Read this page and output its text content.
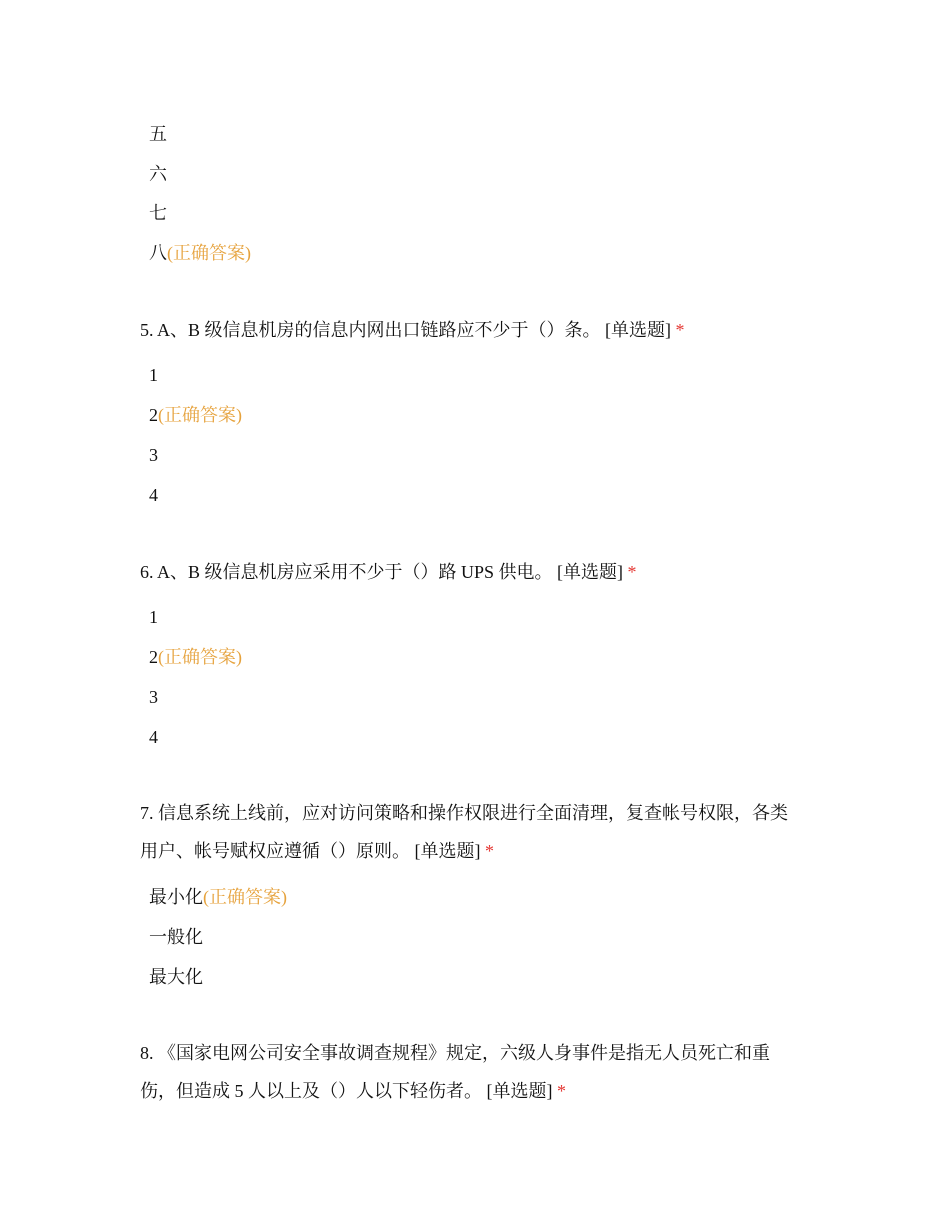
五
六
七
八(正确答案)
5. A、B 级信息机房的信息内网出口链路应不少于（）条。 [单选题] *
1
2(正确答案)
3
4
6. A、B 级信息机房应采用不少于（）路 UPS 供电。 [单选题] *
1
2(正确答案)
3
4
7. 信息系统上线前，应对访问策略和操作权限进行全面清理，复查帐号权限，各类
用户、帐号赋权应遵循（）原则。 [单选题] *
最小化(正确答案)
一般化
最大化
8. 《国家电网公司安全事故调查规程》规定，六级人身事件是指无人员死亡和重
伤，但造成 5 人以上及（）人以下轻伤者。 [单选题] *
